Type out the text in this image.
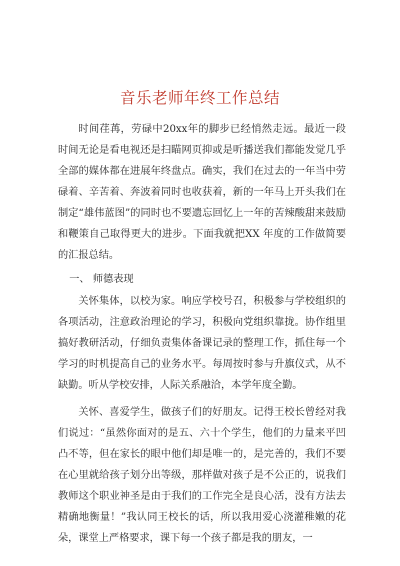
音乐老师年终工作总结

时间荏苒，劳碌中20xx年的脚步已经悄然走远。最近一段时间无论是看电视还是扫瞄网页抑或是听播送我们都能发觉几乎全部的媒体都在进展年终盘点。确实，我们在过去的一年当中劳碌着、辛苦着、奔波着同时也收获着，新的一年马上开头我们在制定“雄伟蓝图”的同时也不要遗忘回忆上一年的苦辣酸甜来鼓励和鞭策自己取得更大的进步。下面我就把XX 年度的工作做简要的汇报总结。

一、 师德表现

关怀集体，以校为家。响应学校号召，积极参与学校组织的各项活动，注意政治理论的学习，积极向党组织靠拢。协作组里搞好教研活动，仔细负责集体备课记录的整理工作，抓住每一个学习的时机提高自己的业务水平。每周按时参与升旗仪式，从不缺勤。听从学校安排，人际关系融洽，本学年度全勤。

关怀、喜爱学生，做孩子们的好朋友。记得王校长曾经对我们说过：“虽然你面对的是五、六十个学生，他们的力量来平凹凸不等，但在家长的眼中他们却是唯一的，是完善的，我们不要在心里就给孩子划分出等级，那样做对孩子是不公正的，说我们教师这个职业神圣是由于我们的工作完全是良心活，没有方法去精确地衡量！”我认同王校长的话，所以我用爱心浇灌稚嫩的花朵，课堂上严格要求，课下每一个孩子都是我的朋友，一
